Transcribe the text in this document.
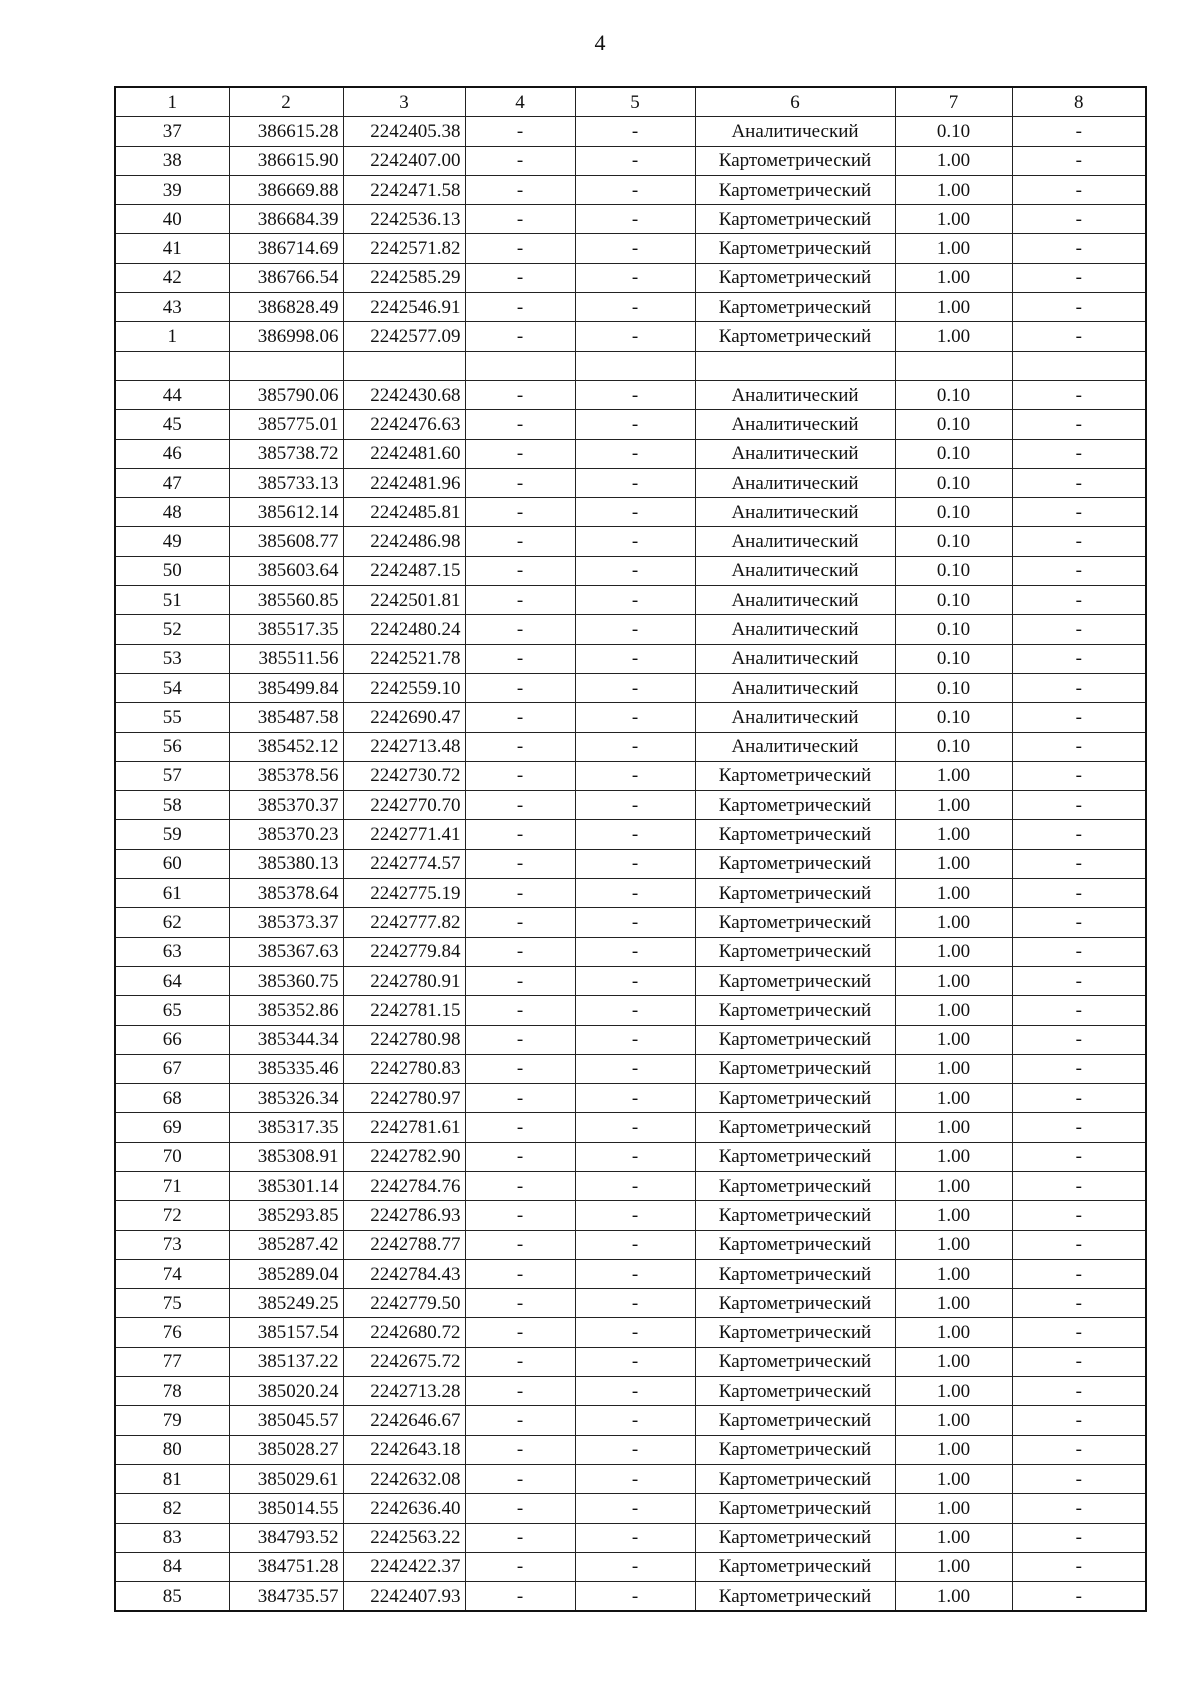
4
1	2	3	4	5	6	7	8
37	386615.28	2242405.38	-	-	Аналитический	0.10	-
38	386615.90	2242407.00	-	-	Картометрический	1.00	-
39	386669.88	2242471.58	-	-	Картометрический	1.00	-
40	386684.39	2242536.13	-	-	Картометрический	1.00	-
41	386714.69	2242571.82	-	-	Картометрический	1.00	-
42	386766.54	2242585.29	-	-	Картометрический	1.00	-
43	386828.49	2242546.91	-	-	Картометрический	1.00	-
1	386998.06	2242577.09	-	-	Картометрический	1.00	-

44	385790.06	2242430.68	-	-	Аналитический	0.10	-
45	385775.01	2242476.63	-	-	Аналитический	0.10	-
46	385738.72	2242481.60	-	-	Аналитический	0.10	-
47	385733.13	2242481.96	-	-	Аналитический	0.10	-
48	385612.14	2242485.81	-	-	Аналитический	0.10	-
49	385608.77	2242486.98	-	-	Аналитический	0.10	-
50	385603.64	2242487.15	-	-	Аналитический	0.10	-
51	385560.85	2242501.81	-	-	Аналитический	0.10	-
52	385517.35	2242480.24	-	-	Аналитический	0.10	-
53	385511.56	2242521.78	-	-	Аналитический	0.10	-
54	385499.84	2242559.10	-	-	Аналитический	0.10	-
55	385487.58	2242690.47	-	-	Аналитический	0.10	-
56	385452.12	2242713.48	-	-	Аналитический	0.10	-
57	385378.56	2242730.72	-	-	Картометрический	1.00	-
58	385370.37	2242770.70	-	-	Картометрический	1.00	-
59	385370.23	2242771.41	-	-	Картометрический	1.00	-
60	385380.13	2242774.57	-	-	Картометрический	1.00	-
61	385378.64	2242775.19	-	-	Картометрический	1.00	-
62	385373.37	2242777.82	-	-	Картометрический	1.00	-
63	385367.63	2242779.84	-	-	Картометрический	1.00	-
64	385360.75	2242780.91	-	-	Картометрический	1.00	-
65	385352.86	2242781.15	-	-	Картометрический	1.00	-
66	385344.34	2242780.98	-	-	Картометрический	1.00	-
67	385335.46	2242780.83	-	-	Картометрический	1.00	-
68	385326.34	2242780.97	-	-	Картометрический	1.00	-
69	385317.35	2242781.61	-	-	Картометрический	1.00	-
70	385308.91	2242782.90	-	-	Картометрический	1.00	-
71	385301.14	2242784.76	-	-	Картометрический	1.00	-
72	385293.85	2242786.93	-	-	Картометрический	1.00	-
73	385287.42	2242788.77	-	-	Картометрический	1.00	-
74	385289.04	2242784.43	-	-	Картометрический	1.00	-
75	385249.25	2242779.50	-	-	Картометрический	1.00	-
76	385157.54	2242680.72	-	-	Картометрический	1.00	-
77	385137.22	2242675.72	-	-	Картометрический	1.00	-
78	385020.24	2242713.28	-	-	Картометрический	1.00	-
79	385045.57	2242646.67	-	-	Картометрический	1.00	-
80	385028.27	2242643.18	-	-	Картометрический	1.00	-
81	385029.61	2242632.08	-	-	Картометрический	1.00	-
82	385014.55	2242636.40	-	-	Картометрический	1.00	-
83	384793.52	2242563.22	-	-	Картометрический	1.00	-
84	384751.28	2242422.37	-	-	Картометрический	1.00	-
85	384735.57	2242407.93	-	-	Картометрический	1.00	-
